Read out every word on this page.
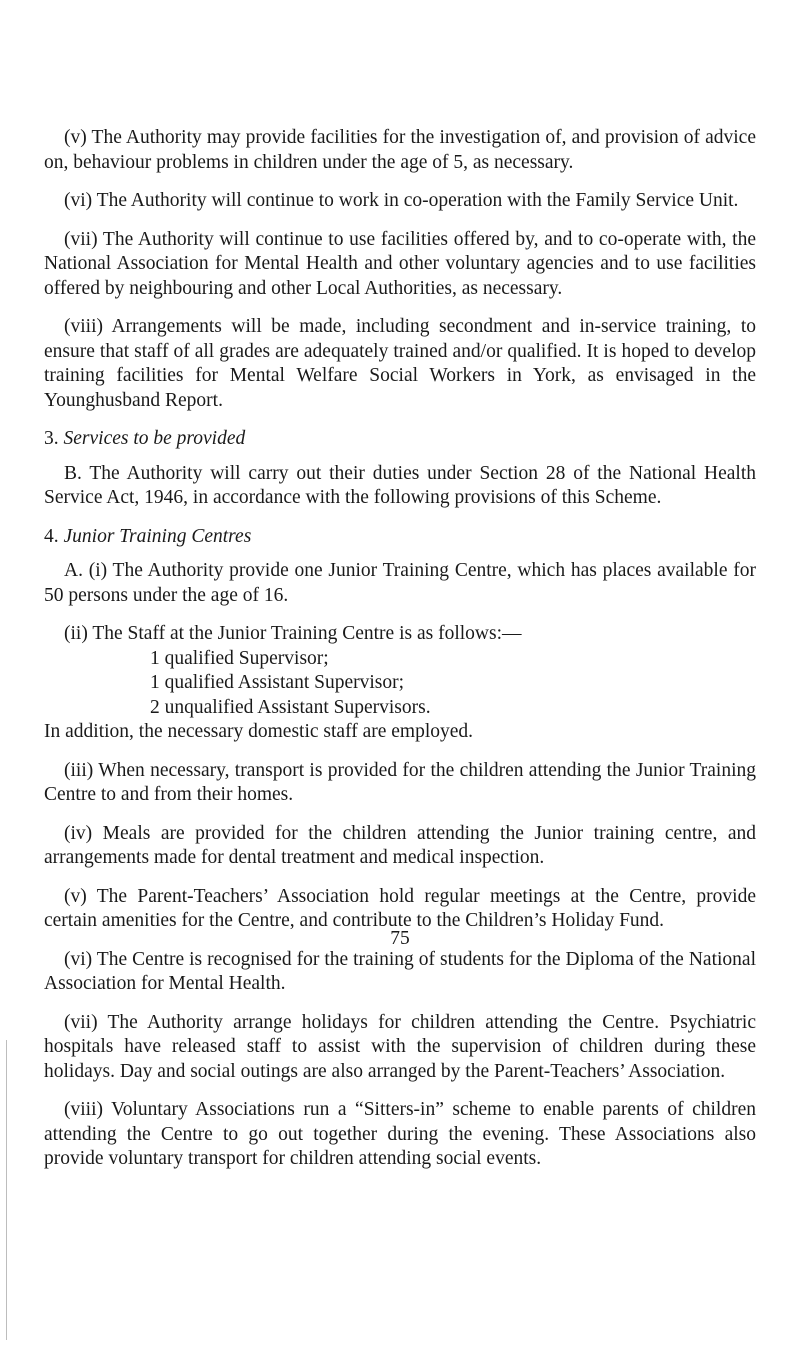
(v) The Authority may provide facilities for the investigation of, and provision of advice on, behaviour problems in children under the age of 5, as necessary.

(vi) The Authority will continue to work in co-operation with the Family Service Unit.

(vii) The Authority will continue to use facilities offered by, and to co-operate with, the National Association for Mental Health and other voluntary agencies and to use facilities offered by neighbouring and other Local Authorities, as necessary.

(viii) Arrangements will be made, including secondment and in-service training, to ensure that staff of all grades are adequately trained and/or qualified. It is hoped to develop training facilities for Mental Welfare Social Workers in York, as envisaged in the Younghusband Report.

3. Services to be provided

B. The Authority will carry out their duties under Section 28 of the National Health Service Act, 1946, in accordance with the following provisions of this Scheme.

4. Junior Training Centres

A. (i) The Authority provide one Junior Training Centre, which has places available for 50 persons under the age of 16.

(ii) The Staff at the Junior Training Centre is as follows:—

1 qualified Supervisor;
1 qualified Assistant Supervisor;
2 unqualified Assistant Supervisors.

In addition, the necessary domestic staff are employed.

(iii) When necessary, transport is provided for the children attending the Junior Training Centre to and from their homes.

(iv) Meals are provided for the children attending the Junior training centre, and arrangements made for dental treatment and medical inspection.

(v) The Parent-Teachers’ Association hold regular meetings at the Centre, provide certain amenities for the Centre, and contribute to the Children’s Holiday Fund.

(vi) The Centre is recognised for the training of students for the Diploma of the National Association for Mental Health.

(vii) The Authority arrange holidays for children attending the Centre. Psychiatric hospitals have released staff to assist with the supervision of children during these holidays. Day and social outings are also arranged by the Parent-Teachers’ Association.

(viii) Voluntary Associations run a “Sitters-in” scheme to enable parents of children attending the Centre to go out together during the evening. These Associations also provide voluntary transport for children attending social events.

75
